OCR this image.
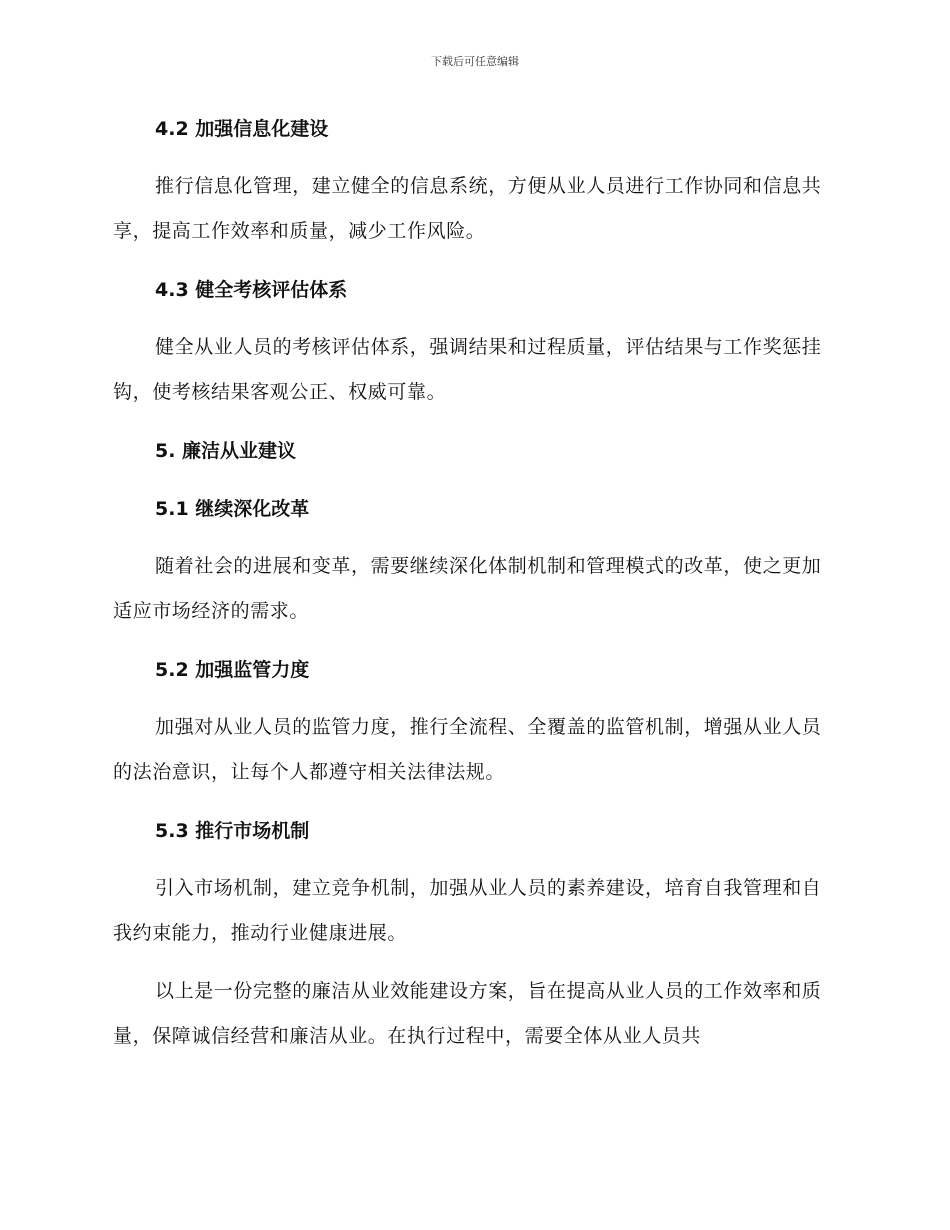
下载后可任意编辑
4.2 加强信息化建设

推行信息化管理，建立健全的信息系统，方便从业人员进行工作协同和信息共享，提高工作效率和质量，减少工作风险。

4.3 健全考核评估体系

健全从业人员的考核评估体系，强调结果和过程质量，评估结果与工作奖惩挂钩，使考核结果客观公正、权威可靠。

5. 廉洁从业建议
5.1 继续深化改革

随着社会的进展和变革，需要继续深化体制机制和管理模式的改革，使之更加适应市场经济的需求。

5.2 加强监管力度

加强对从业人员的监管力度，推行全流程、全覆盖的监管机制，增强从业人员的法治意识，让每个人都遵守相关法律法规。

5.3 推行市场机制

引入市场机制，建立竞争机制，加强从业人员的素养建设，培育自我管理和自我约束能力，推动行业健康进展。

以上是一份完整的廉洁从业效能建设方案，旨在提高从业人员的工作效率和质量，保障诚信经营和廉洁从业。在执行过程中，需要全体从业人员共
